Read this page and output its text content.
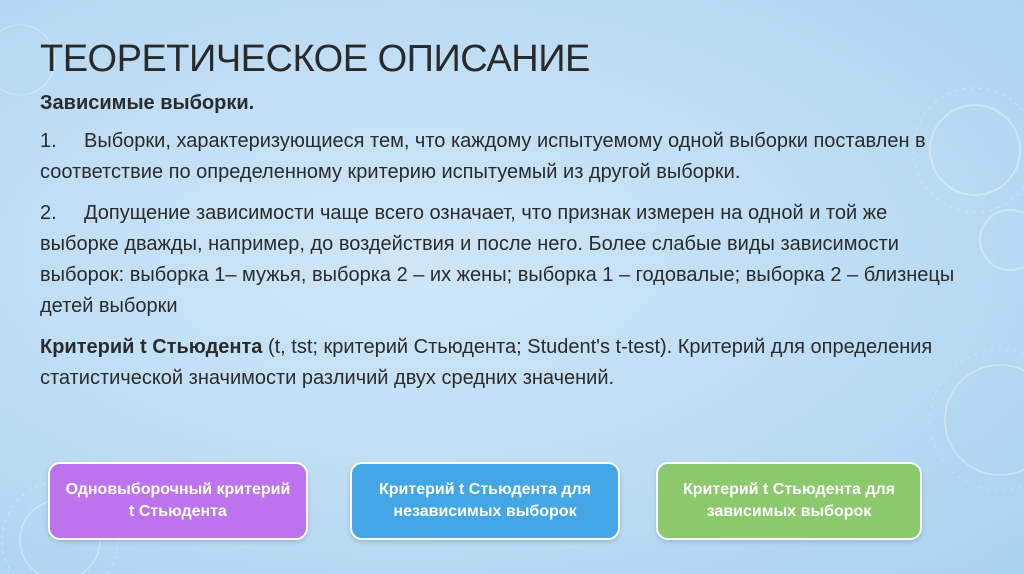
ТЕОРЕТИЧЕСКОЕ ОПИСАНИЕ
Зависимые выборки.
1. Выборки, характеризующиеся тем, что каждому испытуемому одной выборки поставлен в соответствие по определенному критерию испытуемый из другой выборки.
2. Допущение зависимости чаще всего означает, что признак измерен на одной и той же выборке дважды, например, до воздействия и после него. Более слабые виды зависимости выборок: выборка 1– мужья, выборка 2 – их жены; выборка 1 – годовалые; выборка 2 – близнецы детей выборки
Критерий t Стьюдента (t, tst; критерий Стьюдента; Student's t-test). Критерий для определения статистической значимости различий двух средних значений.
Одновыборочный критерий t Стьюдента
Критерий t Стьюдента для независимых выборок
Критерий t Стьюдента для зависимых выборок
